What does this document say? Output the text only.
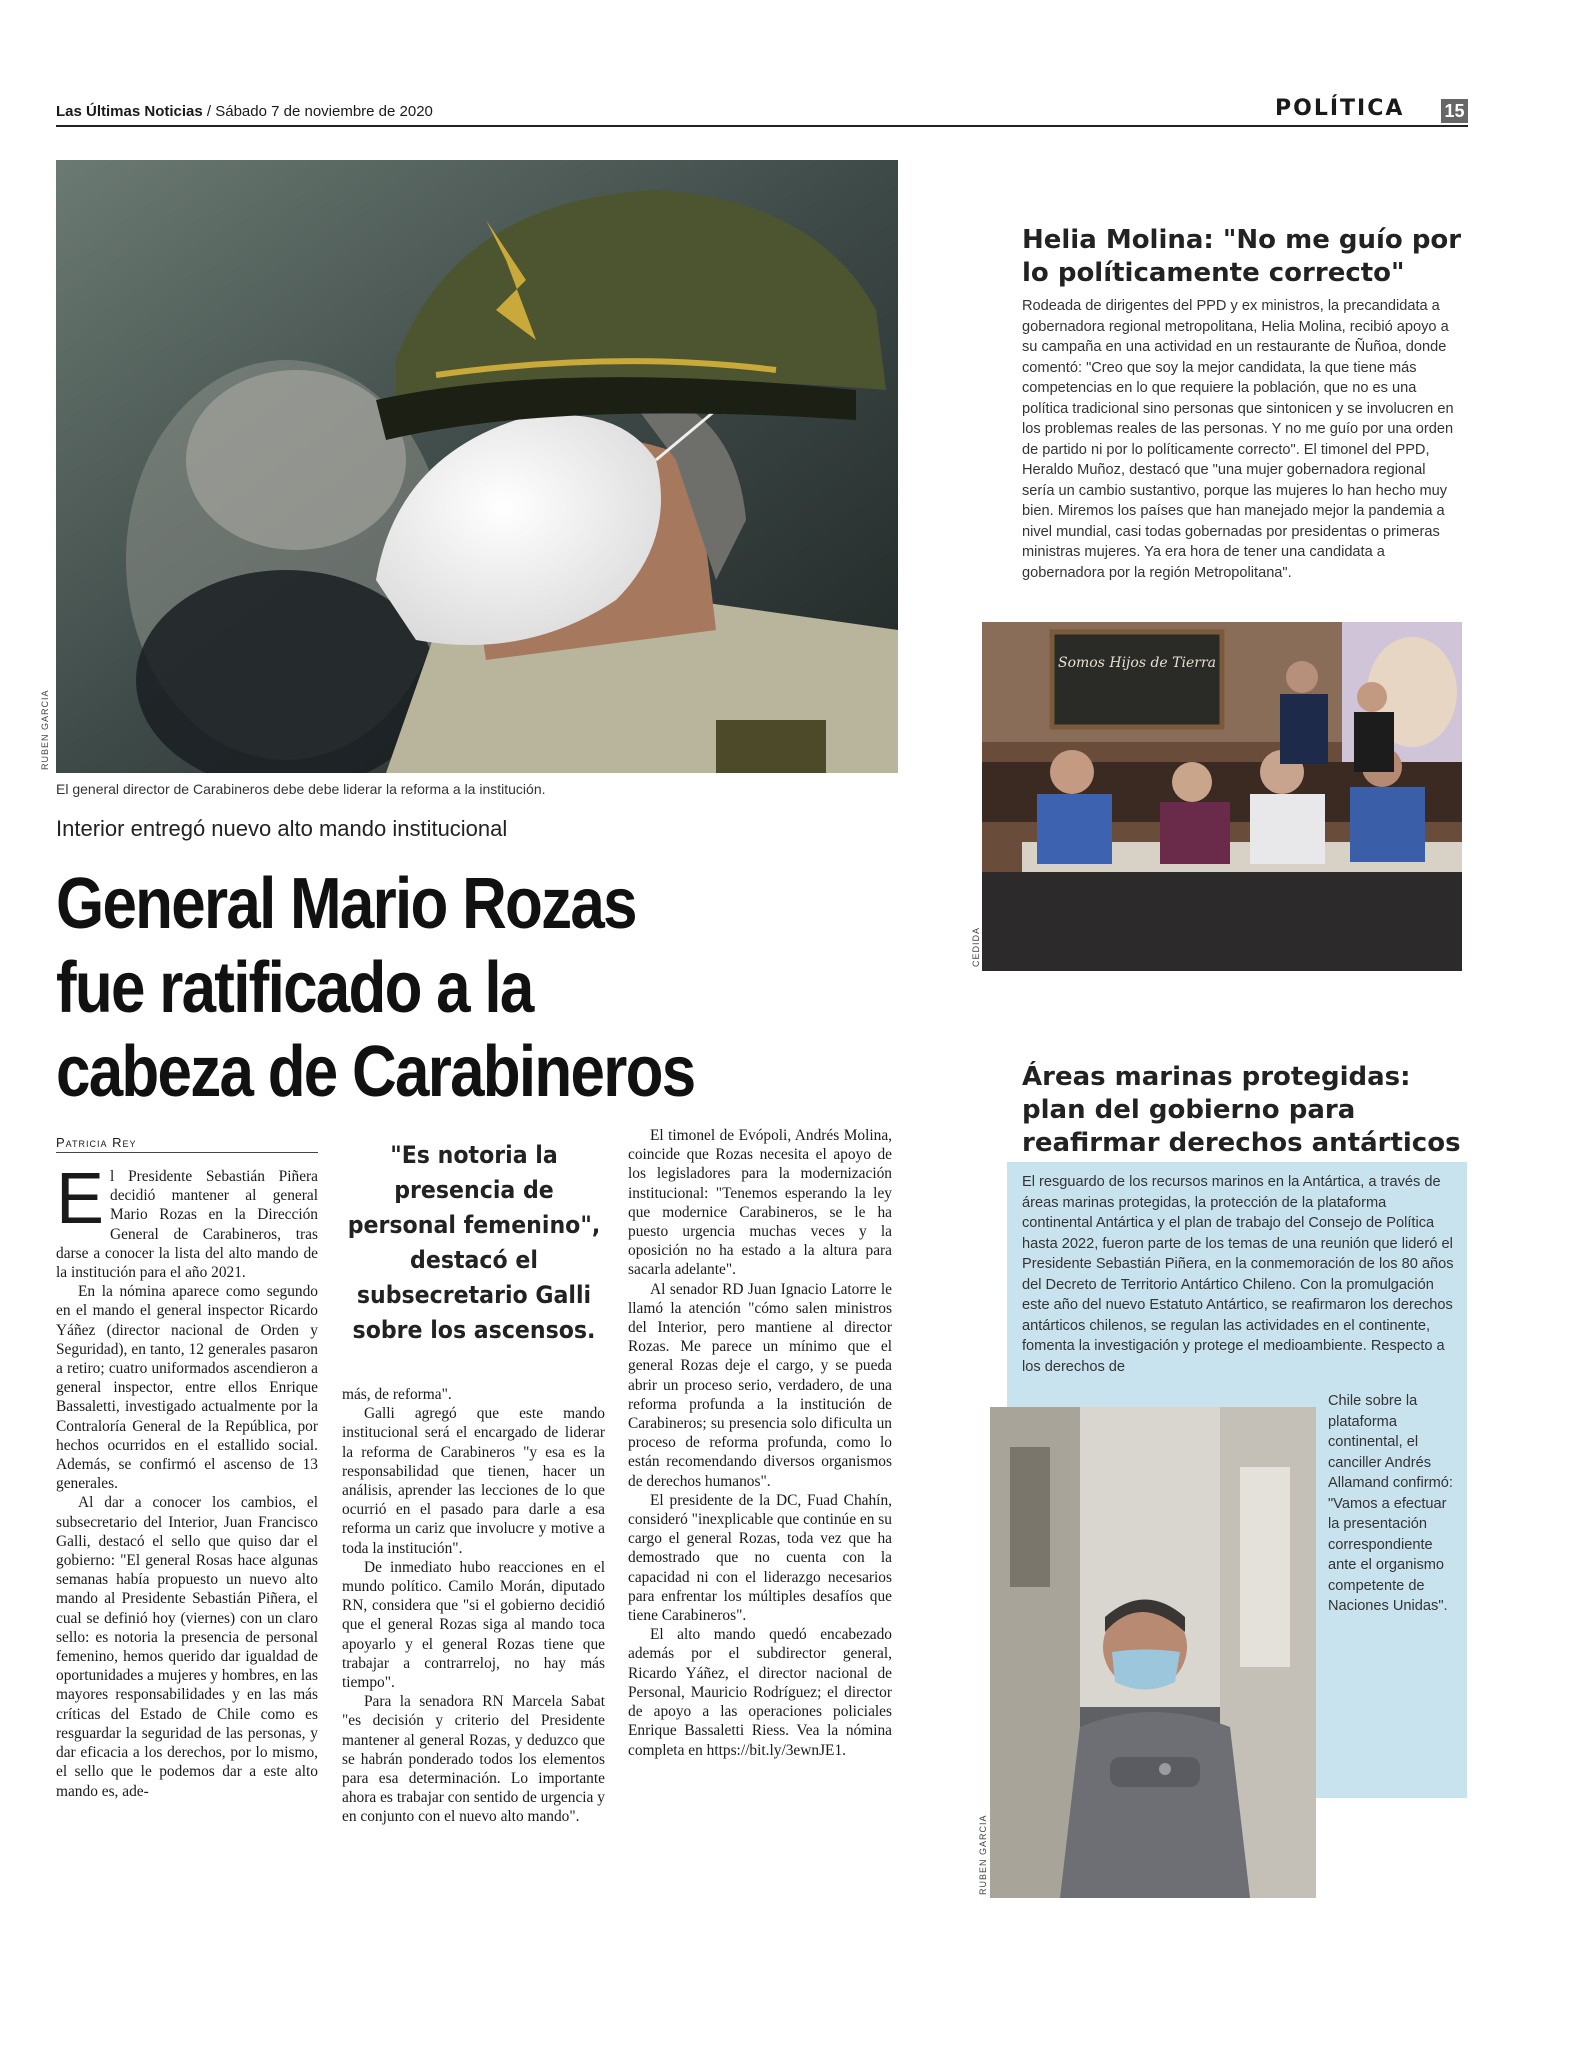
Las Últimas Noticias / Sábado 7 de noviembre de 2020	POLÍTICA 15
RUBEN GARCIA
El general director de Carabineros debe debe liderar la reforma a la institución.
Interior entregó nuevo alto mando institucional
General Mario Rozas fue ratificado a la cabeza de Carabineros
Patricia Rey

El Presidente Sebastián Piñera decidió mantener al general Mario Rozas en la Dirección General de Carabineros, tras darse a conocer la lista del alto mando de la institución para el año 2021.

En la nómina aparece como segundo en el mando el general inspector Ricardo Yáñez (director nacional de Orden y Seguridad), en tanto, 12 generales pasaron a retiro; cuatro uniformados ascendieron a general inspector, entre ellos Enrique Bassaletti, investigado actualmente por la Contraloría General de la República, por hechos ocurridos en el estallido social. Además, se confirmó el ascenso de 13 generales.

Al dar a conocer los cambios, el subsecretario del Interior, Juan Francisco Galli, destacó el sello que quiso dar el gobierno: "El general Rosas hace algunas semanas había propuesto un nuevo alto mando al Presidente Sebastián Piñera, el cual se definió hoy (viernes) con un claro sello: es notoria la presencia de personal femenino, hemos querido dar igualdad de oportunidades a mujeres y hombres, en las mayores responsabilidades y en las más críticas del Estado de Chile como es resguardar la seguridad de las personas, y dar eficacia a los derechos, por lo mismo, el sello que le podemos dar a este alto mando es, ade-

"Es notoria la presencia de personal femenino", destacó el subsecretario Galli sobre los ascensos.

más, de reforma".

Galli agregó que este mando institucional será el encargado de liderar la reforma de Carabineros "y esa es la responsabilidad que tienen, hacer un análisis, aprender las lecciones de lo que ocurrió en el pasado para darle a esa reforma un cariz que involucre y motive a toda la institución".

De inmediato hubo reacciones en el mundo político. Camilo Morán, diputado RN, considera que "si el gobierno decidió que el general Rozas siga al mando toca apoyarlo y el general Rozas tiene que trabajar a contrarreloj, no hay más tiempo".

Para la senadora RN Marcela Sabat "es decisión y criterio del Presidente mantener al general Rozas, y deduzco que se habrán ponderado todos los elementos para esa determinación. Lo importante ahora es trabajar con sentido de urgencia y en conjunto con el nuevo alto mando".

El timonel de Evópoli, Andrés Molina, coincide que Rozas necesita el apoyo de los legisladores para la modernización institucional: "Tenemos esperando la ley que modernice Carabineros, se le ha puesto urgencia muchas veces y la oposición no ha estado a la altura para sacarla adelante".

Al senador RD Juan Ignacio Latorre le llamó la atención "cómo salen ministros del Interior, pero mantiene al director Rozas. Me parece un mínimo que el general Rozas deje el cargo, y se pueda abrir un proceso serio, verdadero, de una reforma profunda a la institución de Carabineros; su presencia solo dificulta un proceso de reforma profunda, como lo están recomendando diversos organismos de derechos humanos".

El presidente de la DC, Fuad Chahín, consideró "inexplicable que continúe en su cargo el general Rozas, toda vez que ha demostrado que no cuenta con la capacidad ni con el liderazgo necesarios para enfrentar los múltiples desafíos que tiene Carabineros".

El alto mando quedó encabezado además por el subdirector general, Ricardo Yáñez, el director nacional de Personal, Mauricio Rodríguez; el director de apoyo a las operaciones policiales Enrique Bassaletti Riess. Vea la nómina completa en https://bit.ly/3ewnJE1.

Helia Molina: "No me guío por lo políticamente correcto"
Rodeada de dirigentes del PPD y ex ministros, la precandidata a gobernadora regional metropolitana, Helia Molina, recibió apoyo a su campaña en una actividad en un restaurante de Ñuñoa, donde comentó: "Creo que soy la mejor candidata, la que tiene más competencias en lo que requiere la población, que no es una política tradicional sino personas que sintonicen y se involucren en los problemas reales de las personas. Y no me guío por una orden de partido ni por lo políticamente correcto". El timonel del PPD, Heraldo Muñoz, destacó que "una mujer gobernadora regional sería un cambio sustantivo, porque las mujeres lo han hecho muy bien. Miremos los países que han manejado mejor la pandemia a nivel mundial, casi todas gobernadas por presidentas o primeras ministras mujeres. Ya era hora de tener una candidata a gobernadora por la región Metropolitana".
Somos Hijos de Tierra
CEDIDA
Áreas marinas protegidas: plan del gobierno para reafirmar derechos antárticos
El resguardo de los recursos marinos en la Antártica, a través de áreas marinas protegidas, la protección de la plataforma continental Antártica y el plan de trabajo del Consejo de Política hasta 2022, fueron parte de los temas de una reunión que lideró el Presidente Sebastián Piñera, en la conmemoración de los 80 años del Decreto de Territorio Antártico Chileno. Con la promulgación este año del nuevo Estatuto Antártico, se reafirmaron los derechos antárticos chilenos, se regulan las actividades en el continente, fomenta la investigación y protege el medioambiente. Respecto a los derechos de
Chile sobre la plataforma continental, el canciller Andrés Allamand confirmó: "Vamos a efectuar la presentación correspondiente ante el organismo competente de Naciones Unidas".
RUBEN GARCIA
